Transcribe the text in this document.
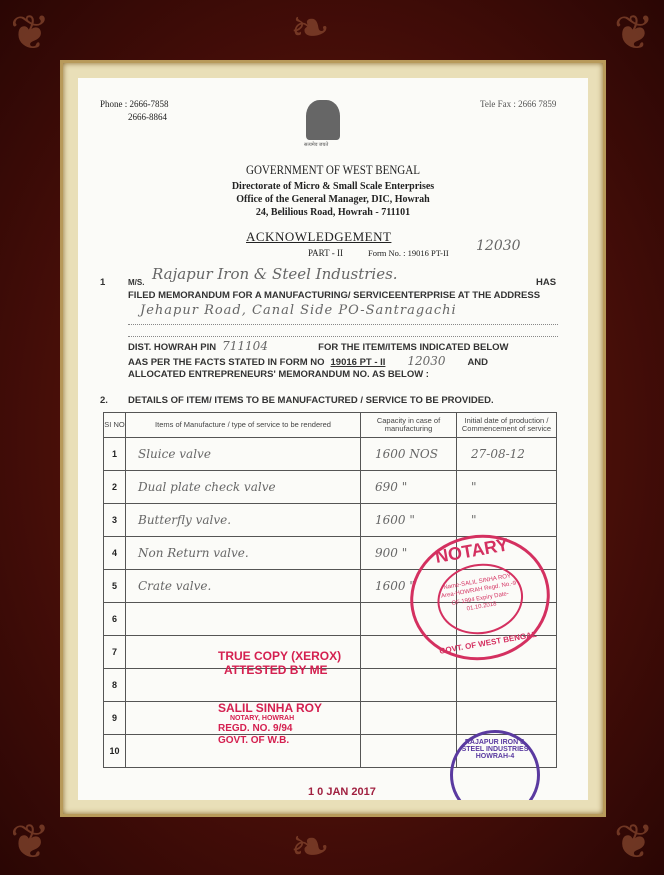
❦	❦
❦	❦
❧
❧
Phone : 2666-7858
2666-8864
Tele Fax : 2666 7859
सत्यमेव जयते
GOVERNMENT OF WEST BENGAL
Directorate of Micro & Small Scale Enterprises
Office of the General Manager, DIC, Howrah
24, Belilious Road, Howrah - 711101
ACKNOWLEDGEMENT
PART - II	Form No. : 19016 PT-II 12030
1	M/S. Rajapur Iron & Steel Industries.	HAS
FILED MEMORANDUM FOR A MANUFACTURING/ SERVICEENTERPRISE AT THE ADDRESS
Jehapur Road, Canal Side PO-Santragachi
DIST. HOWRAH PIN 711104	FOR THE ITEM/ITEMS INDICATED BELOW
AAS PER THE FACTS STATED IN FORM NO 19016 PT - II	12030	AND
ALLOCATED ENTREPRENEURS' MEMORANDUM NO. AS BELOW :
2. DETAILS OF ITEM/ ITEMS TO BE MANUFACTURED / SERVICE TO BE PROVIDED.
SI NO	Items of Manufacture / type of service to be rendered	Capacity in case of manufacturing	Initial date of production / Commencement of service
1	Sluice valve	1600 NOS	27-08-12
2	Dual plate check valve	690 "	"
3	Butterfly valve.	1600 "	"
4	Non Return valve.	900 "	
5	Crate valve.	1600 "	
6			
7			
8			
9			
10			
NOTARY
Name-SALIL SINHA ROY Area-HOWRAH Regd. No.-9 OF 1994 Expiry Date-01.10.2018
GOVT. OF WEST BENGAL
TRUE COPY (XEROX)
ATTESTED BY ME
SALIL SINHA ROY
NOTARY, HOWRAH
REGD. NO. 9/94
GOVT. OF W.B.
1 0 JAN 2017
RAJAPUR IRON & STEEL INDUSTRIES HOWRAH-4
